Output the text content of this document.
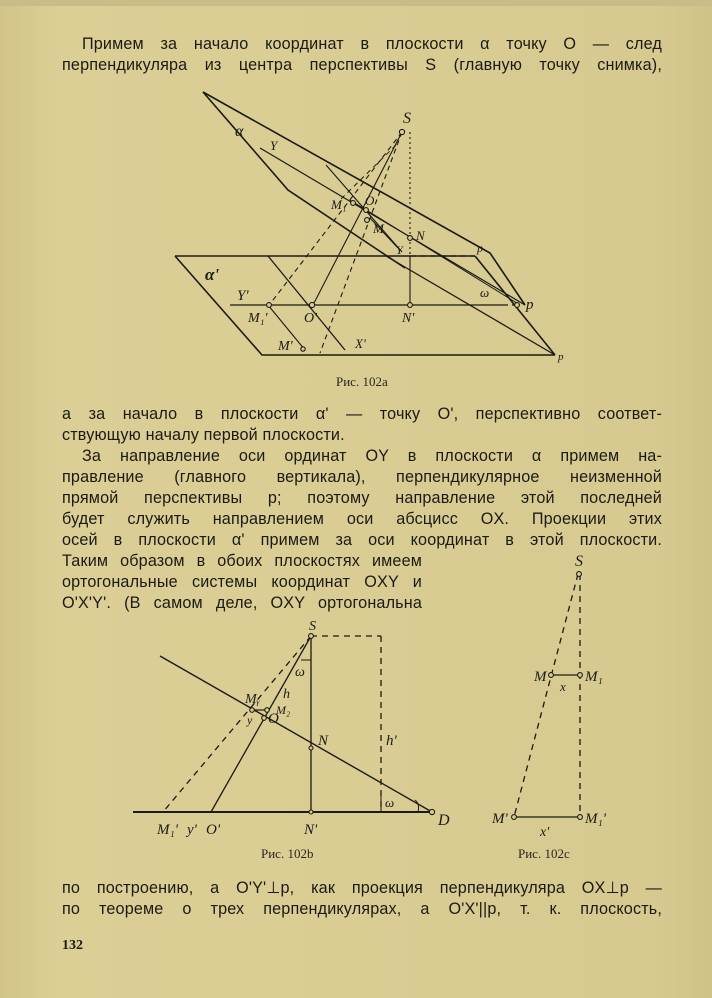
Примем за начало координат в плоскости α точку O — след
перпендикуляра из центра перспективы S (главную точку снимка),
α
Y
S
M₁ O
M N
Y	p
α'
Y'
M₁'	O'	N'
ω
p
M'	X'
p
Рис. 102a
а за начало в плоскости α' — точку O', перспективно соответ-
ствующую началу первой плоскости.
За направление оси ординат OY в плоскости α примем на-
правление (главного вертикала), перпендикулярное неизменной
прямой перспективы p; поэтому направление этой последней
будет служить направлением оси абсцисс OX. Проекции этих
осей в плоскости α' примем за оси координат в этой плоскости.
Таким образом в обоих плоскостях имеем
ортогональные системы координат OXY и
O'X'Y'. (В самом деле, OXY ортогональна
S
ω
h
Mᵧ
M₂
O
y
N	h'
ω
D
M₁' y' O'	N'
Рис. 102b
S
M
x
M₁
M'
x'
M₁'
Рис. 102c
по построению, а O'Y'⊥p, как проекция перпендикуляра OX⊥p —
по теореме о трех перпендикулярах, а O'X'||p, т. к. плоскость,
132
